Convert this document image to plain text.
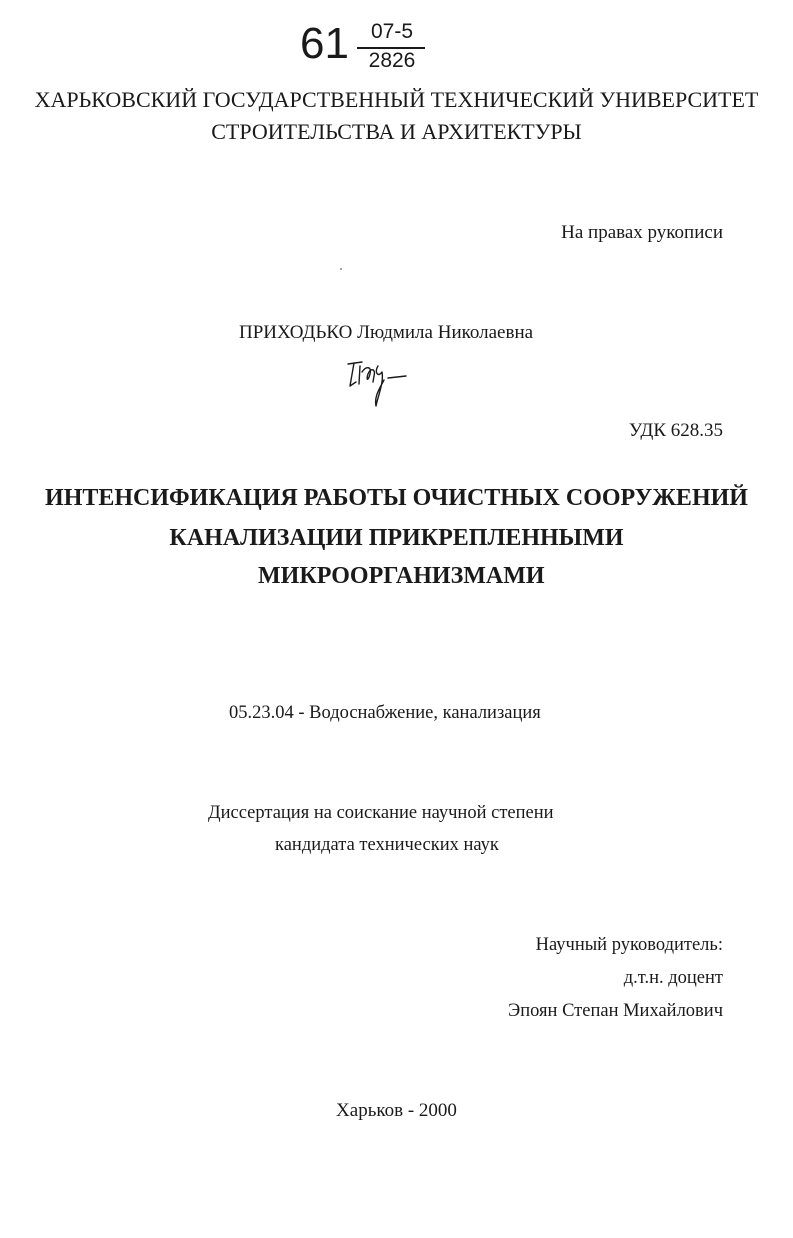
61	07-5
2826
ХАРЬКОВСКИЙ ГОСУДАРСТВЕННЫЙ ТЕХНИЧЕСКИЙ УНИВЕРСИТЕТ
СТРОИТЕЛЬСТВА И АРХИТЕКТУРЫ
На правах рукописи
ПРИХОДЬКО Людмила Николаевна
УДК 628.35
ИНТЕНСИФИКАЦИЯ РАБОТЫ ОЧИСТНЫХ СООРУЖЕНИЙ
КАНАЛИЗАЦИИ ПРИКРЕПЛЕННЫМИ
МИКРООРГАНИЗМАМИ
05.23.04 - Водоснабжение, канализация
Диссертация на соискание научной степени
кандидата технических наук
Научный руководитель:
д.т.н. доцент
Эпоян Степан Михайлович
Харьков - 2000
